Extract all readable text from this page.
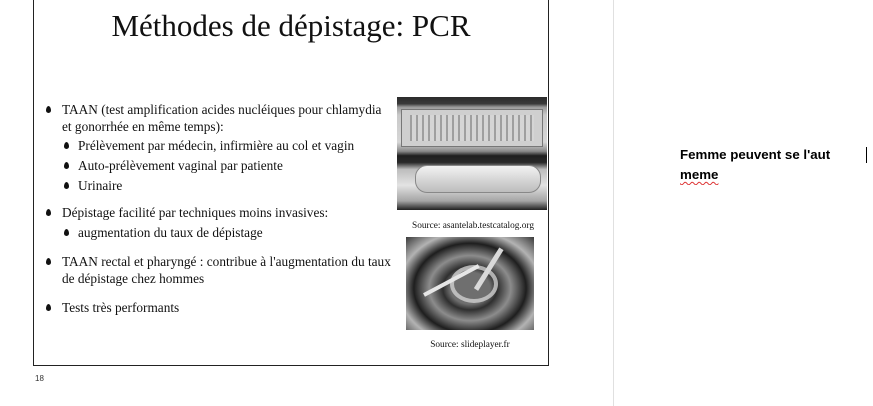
Méthodes de dépistage: PCR

TAAN (test amplification acides nucléiques pour chlamydia et gonorrhée en même temps):

Prélèvement par médecin, infirmière au col et vagin

Auto-prélèvement vaginal par patiente

Urinaire

Dépistage facilité par techniques moins invasives:

augmentation du taux de dépistage

TAAN rectal et pharyngé : contribue à l'augmentation du taux de dépistage chez hommes

Tests très performants

Source: asantelab.testcatalog.org
Source: slideplayer.fr
18
Femme peuvent se l'aut
meme
